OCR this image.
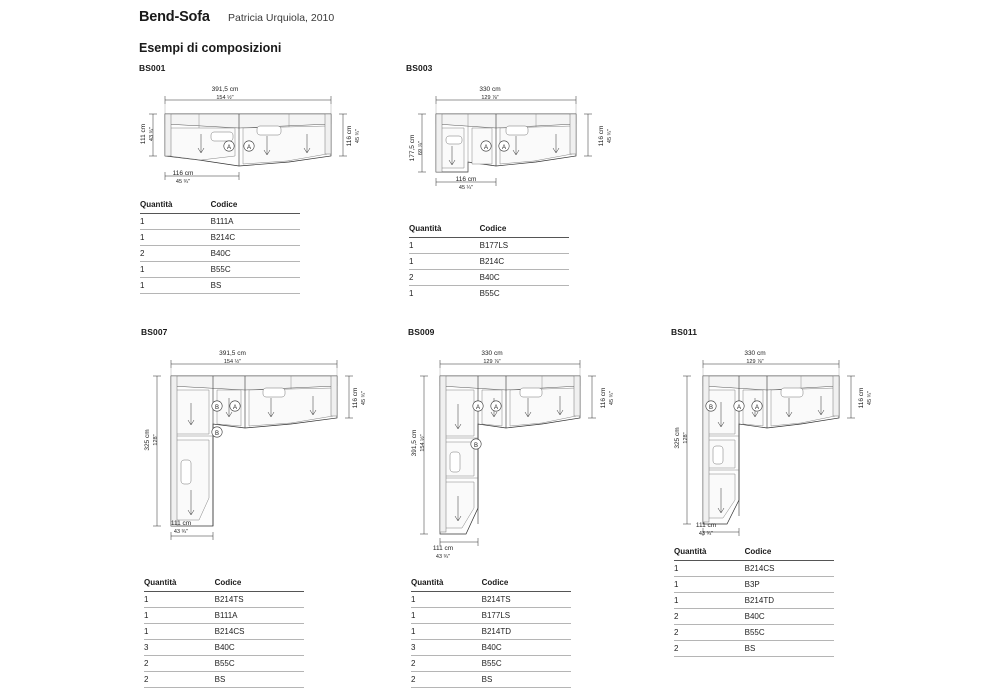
Bend-Sofa Patricia Urquiola, 2010
Esempi di composizioni
BS001
A	A
391,5 cm
154 ½"
111 cm 43 ¾"	116 cm 45 ¾"
116 cm
45 ¾"
Quantità	Codice
1	B111A
1	B214C
2	B40C
1	B55C
1	BS
BS003
A A
330 cm
129 ⅞"
177,5 cm 69 ⅞"
116 cm 45 ¾"
116 cm
45 ¼"
Quantità	Codice
1	B177LS
1	B214C
2	B40C
1	B55C
BS007
A
B
B
391,5 cm
154 ½"
325 cm 128"
116 cm 45 ¾"
111 cm
43 ¾"
Quantità	Codice
1	B214TS
1	B111A
1	B214CS
3	B40C
2	B55C
2	BS
BS009
A
A
B
330 cm
129 ⅞"
391,5 cm 154 ½"
116 cm 45 ¾"
111 cm
43 ¾"
Quantità	Codice
1	B214TS
1	B177LS
1	B214TD
3	B40C
2	B55C
2	BS
BS011
A
A
B
330 cm
129 ⅞"
325 cm 128"
116 cm 45 ¾"
111 cm
43 ¾"
Quantità	Codice
1	B214CS
1	B3P
1	B214TD
2	B40C
2	B55C
2	BS
